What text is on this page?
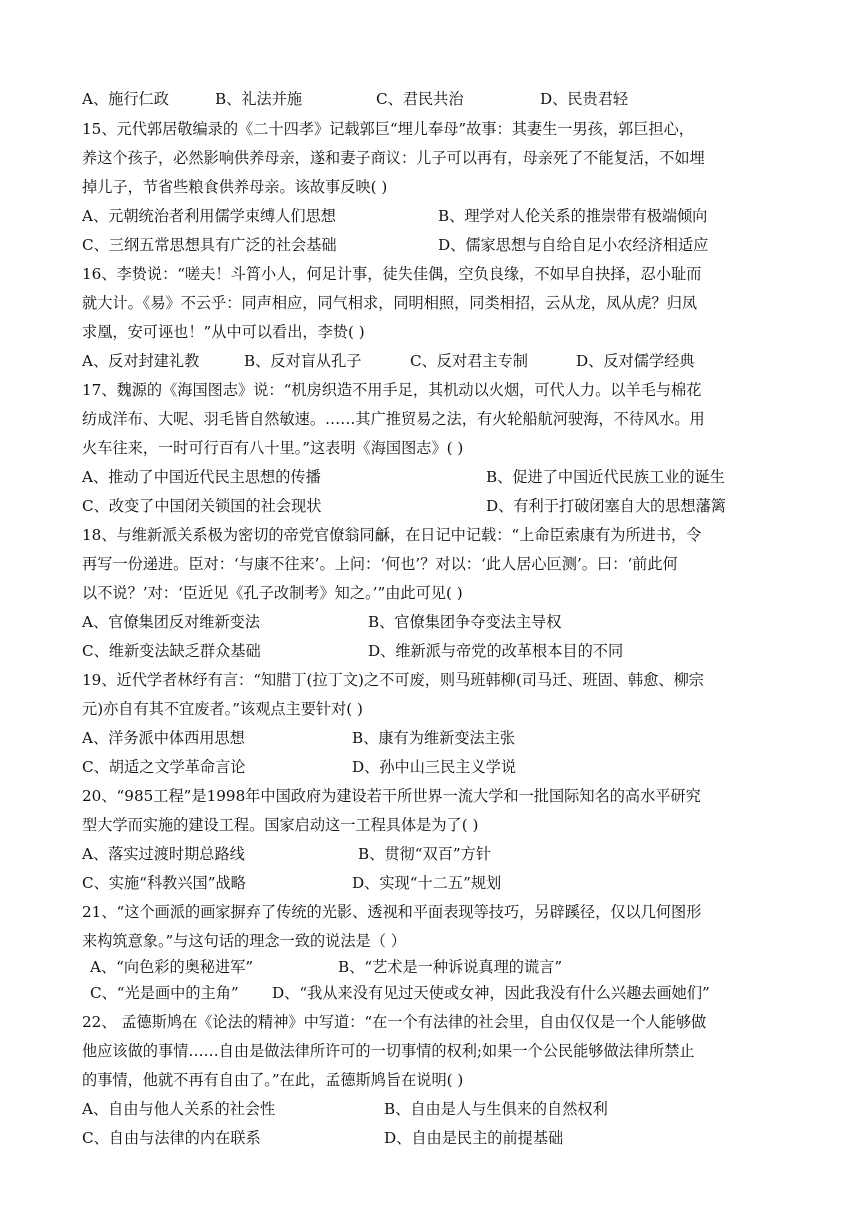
A、施行仁政	B、礼法并施	C、君民共治	D、民贵君轻
15、元代郭居敬编录的《二十四孝》记载郭巨“埋儿奉母”故事：其妻生一男孩，郭巨担心，
养这个孩子，必然影响供养母亲，遂和妻子商议：儿子可以再有，母亲死了不能复活，不如埋
掉儿子，节省些粮食供养母亲。该故事反映( )
A、元朝统治者利用儒学束缚人们思想	B、理学对人伦关系的推崇带有极端倾向
C、三纲五常思想具有广泛的社会基础	D、儒家思想与自给自足小农经济相适应
16、李贽说：“嗟夫！斗筲小人，何足计事，徒失佳偶，空负良缘，不如早自抉择，忍小耻而
就大计。《易》不云乎：同声相应，同气相求，同明相照，同类相招，云从龙，凤从虎？归凤
求凰，安可诬也！”从中可以看出，李贽( )
A、反对封建礼教	B、反对盲从孔子	C、反对君主专制	D、反对儒学经典
17、魏源的《海国图志》说：“机房织造不用手足，其机动以火烟，可代人力。以羊毛与棉花
纺成洋布、大呢、羽毛皆自然敏速。……其广推贸易之法，有火轮船航河驶海，不待风水。用
火车往来，一时可行百有八十里。”这表明《海国图志》( )
A、推动了中国近代民主思想的传播	B、促进了中国近代民族工业的诞生
C、改变了中国闭关锁国的社会现状	D、有利于打破闭塞自大的思想藩篱
18、与维新派关系极为密切的帝党官僚翁同龢，在日记中记载：“上命臣索康有为所进书，令
再写一份递进。臣对：‘与康不往来’。上问：‘何也’？对以：‘此人居心叵测’。曰：‘前此何
以不说？’对：‘臣近见《孔子改制考》知之。’”由此可见( )
A、官僚集团反对维新变法	B、官僚集团争夺变法主导权
C、维新变法缺乏群众基础	D、维新派与帝党的改革根本目的不同
19、近代学者林纾有言：“知腊丁(拉丁文)之不可废，则马班韩柳(司马迁、班固、韩愈、柳宗
元)亦自有其不宜废者。”该观点主要针对( )
A、洋务派中体西用思想	B、康有为维新变法主张
C、胡适之文学革命言论	D、孙中山三民主义学说
20、“985工程”是1998年中国政府为建设若干所世界一流大学和一批国际知名的高水平研究
型大学而实施的建设工程。国家启动这一工程具体是为了( )
A、落实过渡时期总路线	B、贯彻“双百”方针
C、实施“科教兴国”战略	D、实现“十二五”规划
21、“这个画派的画家摒弃了传统的光影、透视和平面表现等技巧，另辟蹊径，仅以几何图形
来构筑意象。”与这句话的理念一致的说法是（ ）
A、“向色彩的奥秘进军”	B、“艺术是一种诉说真理的谎言”
C、“光是画中的主角” D、“我从来没有见过天使或女神，因此我没有什么兴趣去画她们”
22、 孟德斯鸠在《论法的精神》中写道：“在一个有法律的社会里，自由仅仅是一个人能够做
他应该做的事情……自由是做法律所许可的一切事情的权利;如果一个公民能够做法律所禁止
的事情，他就不再有自由了。”在此，孟德斯鸠旨在说明( )
A、自由与他人关系的社会性	B、自由是人与生俱来的自然权利
C、自由与法律的内在联系	D、自由是民主的前提基础
